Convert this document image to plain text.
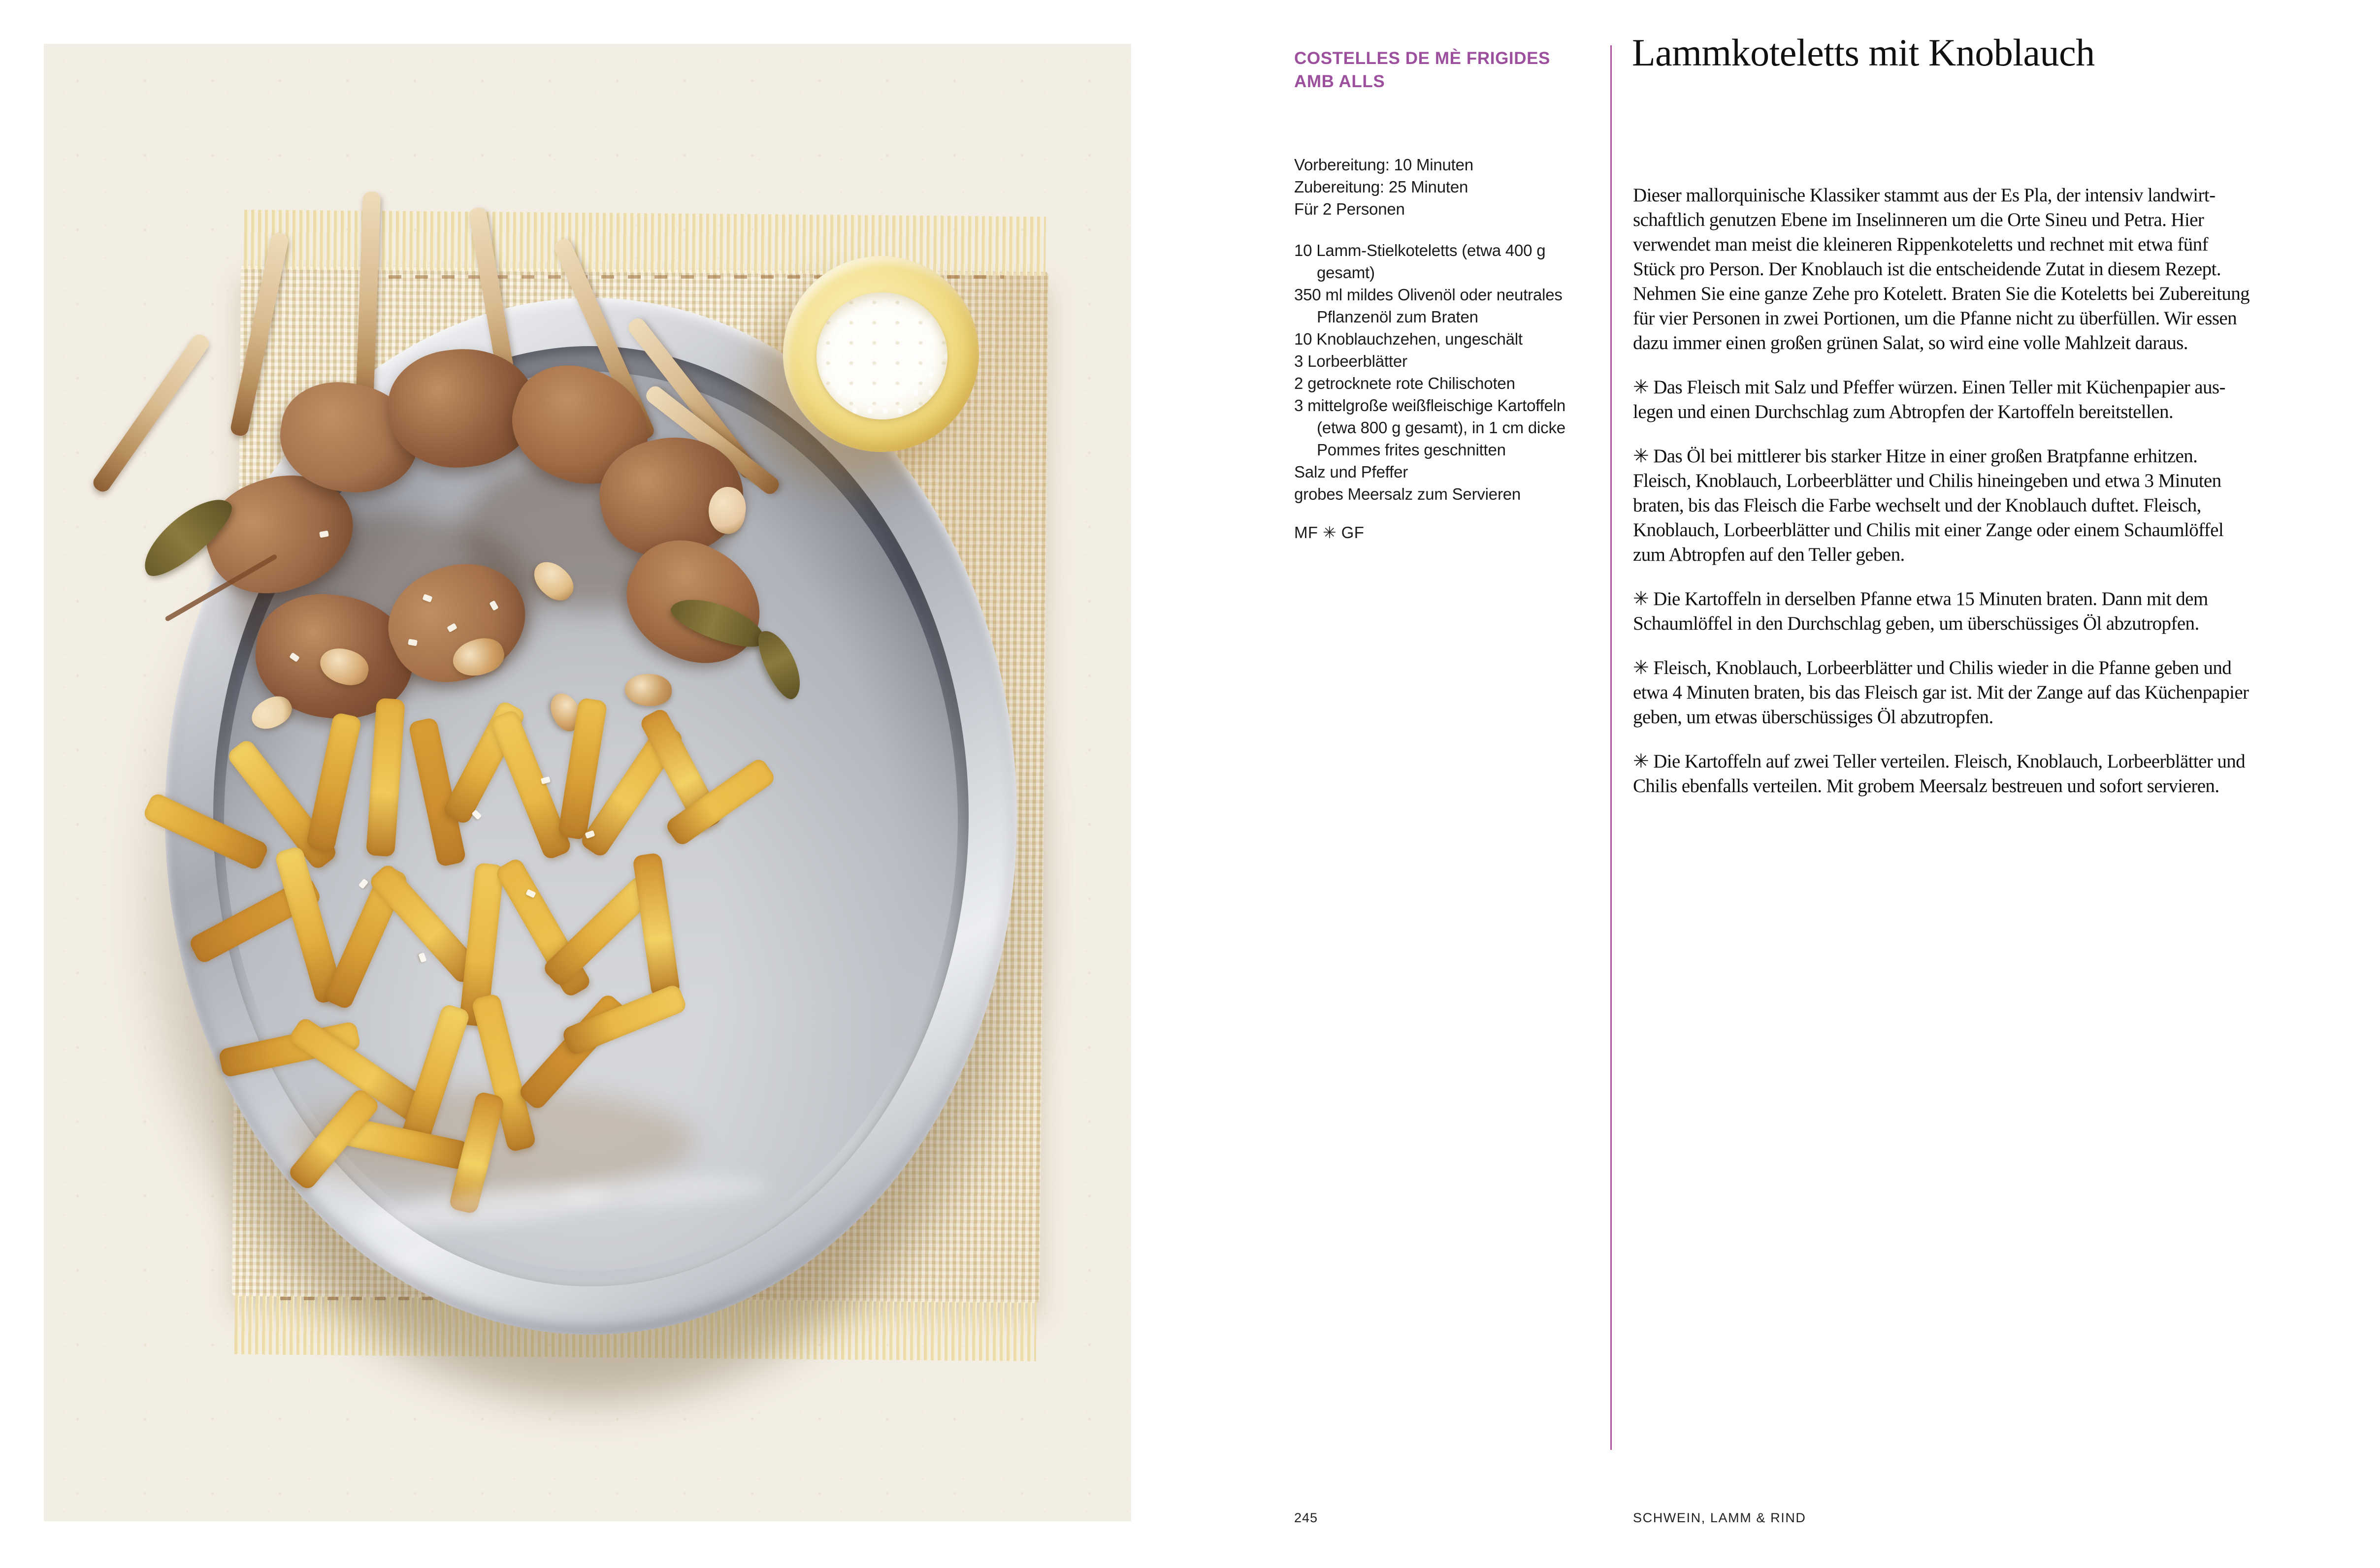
COSTELLES DE MÈ FRIGIDES
AMB ALLS
Vorbereitung: 10 Minuten
Zubereitung: 25 Minuten
Für 2 Personen
10 Lamm-Stielkoteletts (etwa 400 g
gesamt)
350 ml mildes Olivenöl oder neutrales
Pflanzenöl zum Braten
10 Knoblauchzehen, ungeschält
3 Lorbeerblätter
2 getrocknete rote Chilischoten
3 mittelgroße weißfleischige Kartoffeln
(etwa 800 g gesamt), in 1 cm dicke
Pommes frites geschnitten
Salz und Pfeffer
grobes Meersalz zum Servieren
MF ✳ GF
Lammkoteletts mit Knoblauch
Dieser mallorquinische Klassiker stammt aus der Es Pla, der intensiv landwirt-
schaftlich genutzen Ebene im Inselinneren um die Orte Sineu und Petra. Hier
verwendet man meist die kleineren Rippenkoteletts und rechnet mit etwa fünf
Stück pro Person. Der Knoblauch ist die entscheidende Zutat in diesem Rezept.
Nehmen Sie eine ganze Zehe pro Kotelett. Braten Sie die Koteletts bei Zubereitung
für vier Personen in zwei Portionen, um die Pfanne nicht zu überfüllen. Wir essen
dazu immer einen großen grünen Salat, so wird eine volle Mahlzeit daraus.
✳ Das Fleisch mit Salz und Pfeffer würzen. Einen Teller mit Küchenpapier aus-
legen und einen Durchschlag zum Abtropfen der Kartoffeln bereitstellen.
✳ Das Öl bei mittlerer bis starker Hitze in einer großen Bratpfanne erhitzen.
Fleisch, Knoblauch, Lorbeerblätter und Chilis hineingeben und etwa 3 Minuten
braten, bis das Fleisch die Farbe wechselt und der Knoblauch duftet. Fleisch,
Knoblauch, Lorbeerblätter und Chilis mit einer Zange oder einem Schaumlöffel
zum Abtropfen auf den Teller geben.
✳ Die Kartoffeln in derselben Pfanne etwa 15 Minuten braten. Dann mit dem
Schaumlöffel in den Durchschlag geben, um überschüssiges Öl abzutropfen.
✳ Fleisch, Knoblauch, Lorbeerblätter und Chilis wieder in die Pfanne geben und
etwa 4 Minuten braten, bis das Fleisch gar ist. Mit der Zange auf das Küchenpapier
geben, um etwas überschüssiges Öl abzutropfen.
✳ Die Kartoffeln auf zwei Teller verteilen. Fleisch, Knoblauch, Lorbeerblätter und
Chilis ebenfalls verteilen. Mit grobem Meersalz bestreuen und sofort servieren.
245	SCHWEIN, LAMM & RIND
